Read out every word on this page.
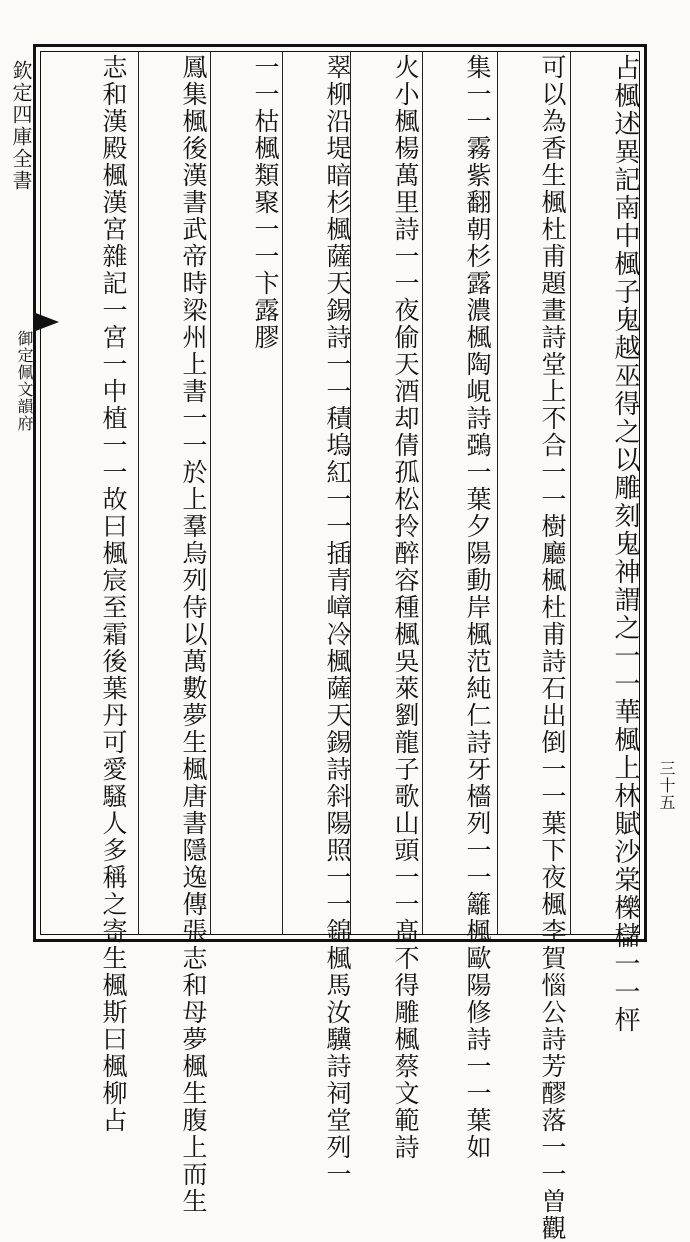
欽定四庫全書
御定佩文韻府
三十五
占楓述異記南中楓子鬼越巫得之以雕刻鬼神謂之一一華楓上林賦沙棠櫟櫧一一枰
可以為香生楓杜甫題畫詩堂上不合一一樹廳楓杜甫詩石出倒一一葉下夜楓李賀惱公詩芳醪落一一曽觀
集一一霧紫翻朝杉露濃楓陶峴詩鵶一葉夕陽動岸楓范純仁詩牙檣列一一籬楓歐陽修詩一一葉如
火小楓楊萬里詩一一夜偷天酒却倩孤松拎醉容種楓吳萊劉龍子歌山頭一一髙不得雕楓蔡文範詩
翠柳沿堤暗杉楓薩天錫詩一一積塢紅一一插青嶂冷楓薩天錫詩斜陽照一一錦楓馬汝驥詩祠堂列一
一一枯楓類聚一一卞露膠
鳳集楓後漢書武帝時梁州上書一一於上羣烏列侍以萬數夢生楓唐書隱逸傳張志和母夢楓生腹上而生
志和漢殿楓漢宮雜記一宮一中植一一故曰楓宸至霜後葉丹可愛騷人多稱之寄生楓斯曰楓柳占
